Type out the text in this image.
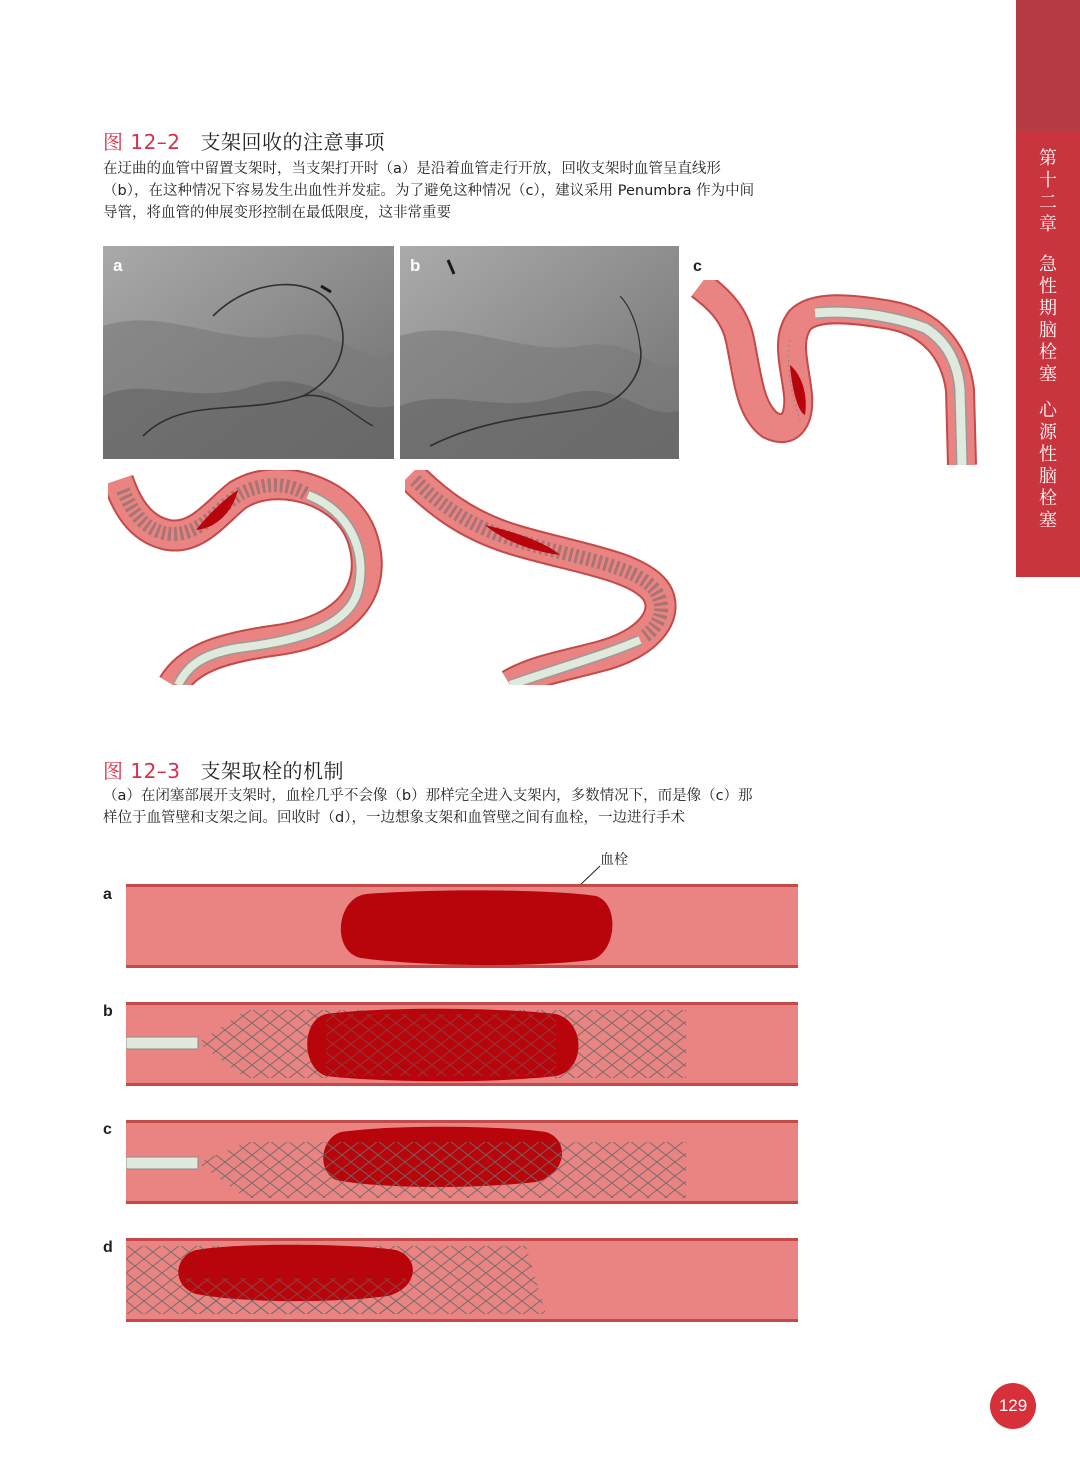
第
十
二
章
急
性
期
脑
栓
塞
心
源
性
脑
栓
塞
图 12–2 支架回收的注意事项
在迂曲的血管中留置支架时，当支架打开时（a）是沿着血管走行开放，回收支架时血管呈直线形
（b），在这种情况下容易发生出血性并发症。为了避免这种情况（c），建议采用 Penumbra 作为中间
导管，将血管的伸展变形控制在最低限度，这非常重要
a	b	c
图 12–3 支架取栓的机制
（a）在闭塞部展开支架时，血栓几乎不会像（b）那样完全进入支架内，多数情况下，而是像（c）那
样位于血管壁和支架之间。回收时（d），一边想象支架和血管壁之间有血栓，一边进行手术
血栓
a
b
c
d
129
